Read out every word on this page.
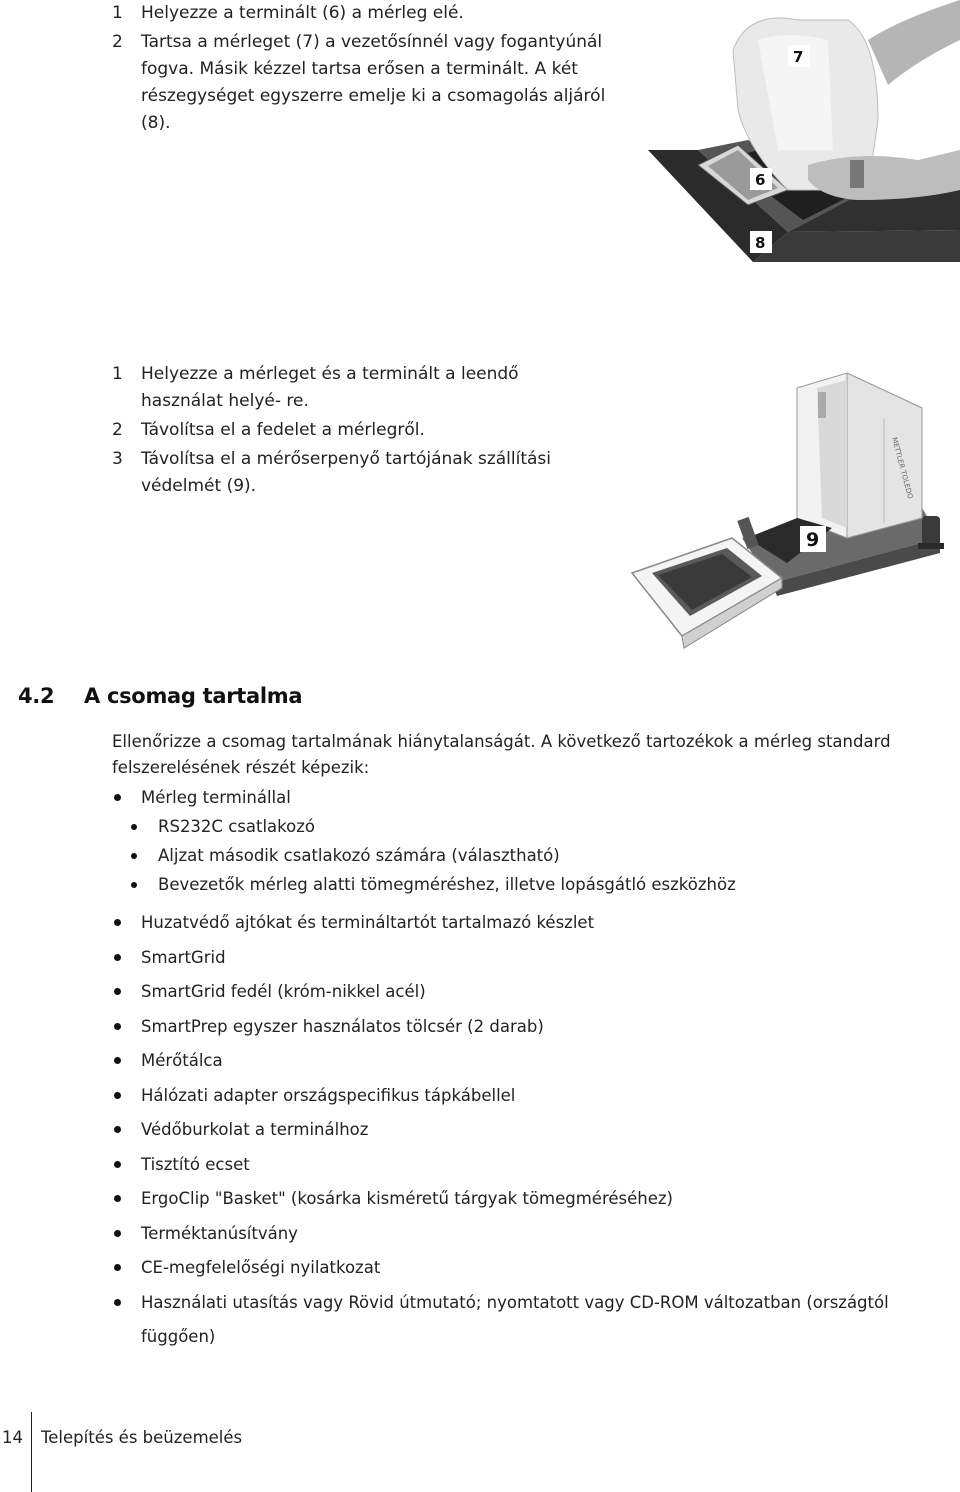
1 Helyezze a terminált (6) a mérleg elé.
2 Tartsa a mérleget (7) a vezetősínnél vagy fogantyúnál fogva. Másik kézzel tartsa erősen a terminált. A két részegységet egyszerre emelje ki a csomagolás aljáról (8).
7
6
8
1 Helyezze a mérleget és a terminált a leendő használat helyé- re.
2 Távolítsa el a fedelet a mérlegről.
3 Távolítsa el a mérőserpenyő tartójának szállítási védelmét (9).	METTLER TOLEDO
9
4.2 A csomag tartalma
Ellenőrizze a csomag tartalmának hiánytalanságát. A következő tartozékok a mérleg standard felszerelésének részét képezik:
Mérleg terminállal
RS232C csatlakozó
Aljzat második csatlakozó számára (választható)
Bevezetők mérleg alatti tömegméréshez, illetve lopásgátló eszközhöz
Huzatvédő ajtókat és termináltartót tartalmazó készlet
SmartGrid
SmartGrid fedél (króm-nikkel acél)
SmartPrep egyszer használatos tölcsér (2 darab)
Mérőtálca
Hálózati adapter országspecifikus tápkábellel
Védőburkolat a terminálhoz
Tisztító ecset
ErgoClip "Basket" (kosárka kisméretű tárgyak tömegméréséhez)
Terméktanúsítvány
CE-megfelelőségi nyilatkozat
Használati utasítás vagy Rövid útmutató; nyomtatott vagy CD-ROM változatban (országtól függően)
14 Telepítés és beüzemelés
